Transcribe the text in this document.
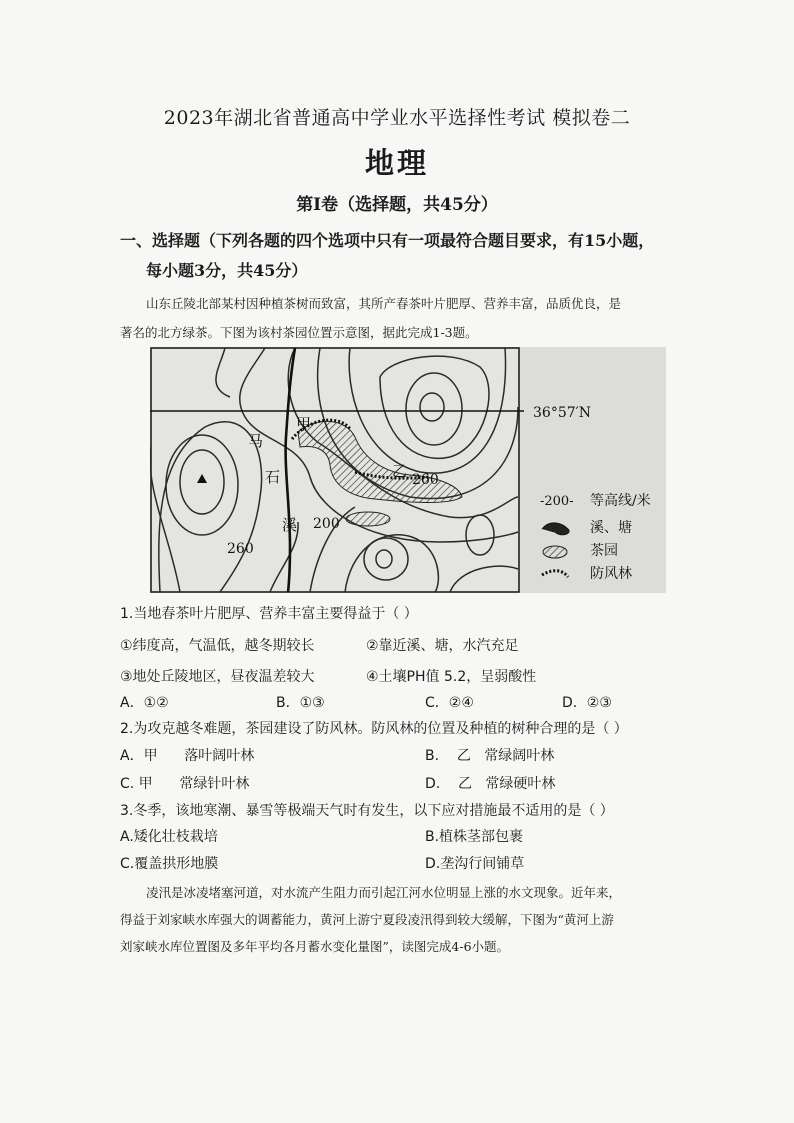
2023年湖北省普通高中学业水平选择性考试 模拟卷二
地理
第Ⅰ卷（选择题，共45分）
一、选择题（下列各题的四个选项中只有一项最符合题目要求，有15小题，
每小题3分，共45分）
山东丘陵北部某村因种植茶树而致富，其所产春茶叶片肥厚、营养丰富，品质优良，是
著名的北方绿茶。下图为该村茶园位置示意图，据此完成1-3题。
36°57′N
甲
乙
马
石
溪
260
200
260
-200- 等高线/米
溪、塘
茶园
防风林
1.当地春茶叶片肥厚、营养丰富主要得益于（ ）
①纬度高，气温低，越冬期较长	②靠近溪、塘，水汽充足
③地处丘陵地区，昼夜温差较大	④土壤PH值 5.2，呈弱酸性
A．①②	B．①③	C．②④	D．②③
2.为攻克越冬难题，茶园建设了防风林。防风林的位置及种植的树种合理的是（ ）
A．甲      落叶阔叶林	B.    乙   常绿阔叶林
C. 甲      常绿针叶林	D.    乙   常绿硬叶林
3.冬季，该地寒潮、暴雪等极端天气时有发生，以下应对措施最不适用的是（ ）
A.矮化壮枝栽培	B.植株茎部包裹
C.覆盖拱形地膜	D.垄沟行间铺草
凌汛是冰凌堵塞河道，对水流产生阻力而引起江河水位明显上涨的水文现象。近年来，
得益于刘家峡水库强大的调蓄能力，黄河上游宁夏段凌汛得到较大缓解，下图为“黄河上游
刘家峡水库位置图及多年平均各月蓄水变化量图”，读图完成4-6小题。
